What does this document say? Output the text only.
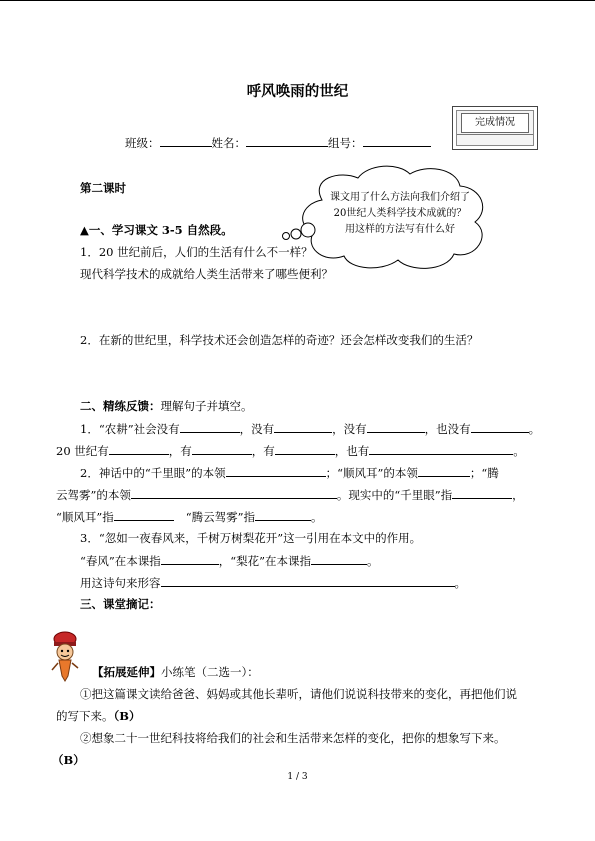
呼风唤雨的世纪
班级：	姓名：	组号：
完成情况
课文用了什么方法向我们介绍了20世纪人类科学技术成就的？用这样的方法写有什么好
第二课时
▲一、学习课文 3-5 自然段。
1．20 世纪前后，人们的生活有什么不一样？
现代科学技术的成就给人类生活带来了哪些便利？
2．在新的世纪里，科学技术还会创造怎样的奇迹？还会怎样改变我们的生活？
二、精练反馈：理解句子并填空。
1．“农耕”社会没有	，没有	，没有	，也没有	。
20 世纪有	，有	，有	，也有	。
2．神话中的“千里眼”的本领	；“顺风耳”的本领	；“腾
云驾雾”的本领	。现实中的“千里眼”指	，
“顺风耳”指	“腾云驾雾”指	。
3．“忽如一夜春风来，千树万树梨花开”这一引用在本文中的作用。
“春风”在本课指	，“梨花”在本课指	。
用这诗句来形容	。
三、课堂摘记：
【拓展延伸】小练笔（二选一）：
①把这篇课文读给爸爸、妈妈或其他长辈听，请他们说说科技带来的变化，再把他们说
的写下来。（B）
②想象二十一世纪科技将给我们的社会和生活带来怎样的变化，把你的想象写下来。
（B）
1 / 3
